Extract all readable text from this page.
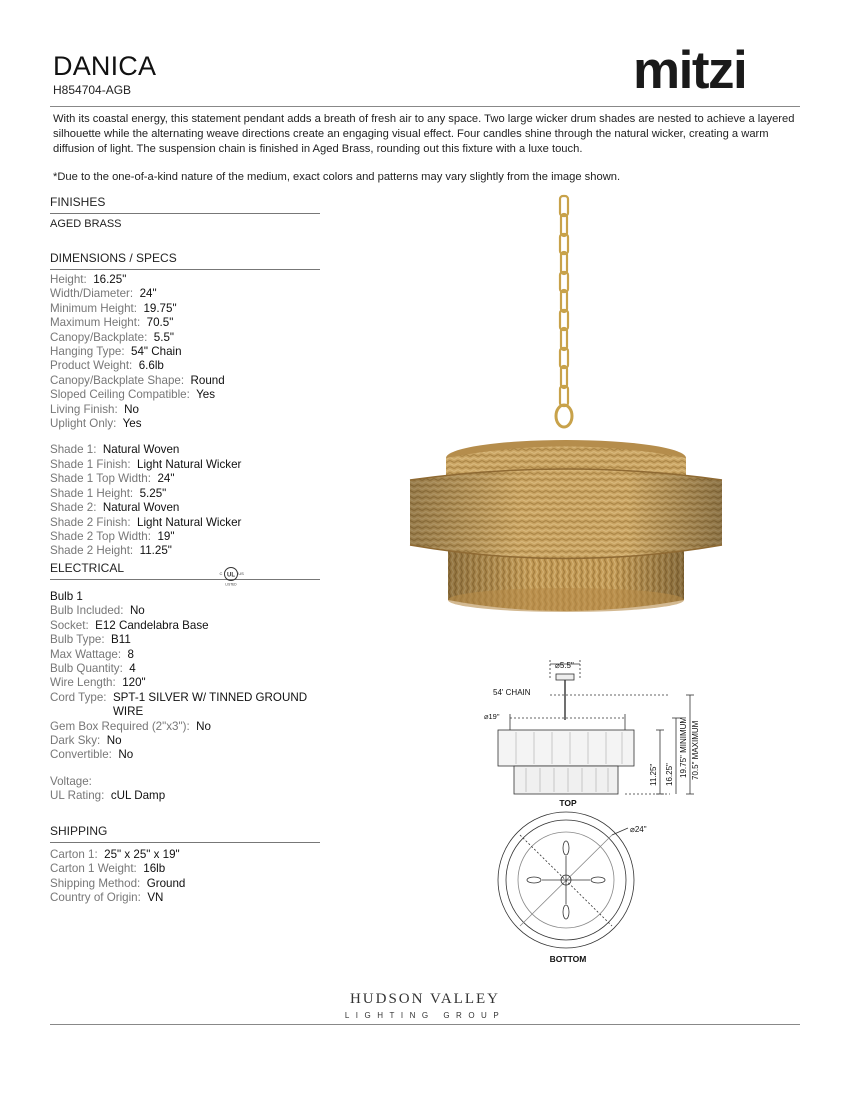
DANICA
H854704-AGB	mitzi
With its coastal energy, this statement pendant adds a breath of fresh air to any space. Two large wicker drum shades are nested to achieve a layered silhouette while the alternating weave directions create an engaging visual effect. Four candles shine through the natural wicker, creating a warm diffusion of light. The suspension chain is finished in Aged Brass, rounding out this fixture with a luxe touch.
*Due to the one-of-a-kind nature of the medium, exact colors and patterns may vary slightly from the image shown.
FINISHES
AGED BRASS
DIMENSIONS / SPECS
Height: 16.25"
Width/Diameter: 24"
Minimum Height: 19.75"
Maximum Height: 70.5"
Canopy/Backplate: 5.5"
Hanging Type: 54" Chain
Product Weight: 6.6lb
Canopy/Backplate Shape: Round
Sloped Ceiling Compatible: Yes
Living Finish: No
Uplight Only: Yes
Shade 1: Natural Woven
Shade 1 Finish: Light Natural Wicker
Shade 1 Top Width: 24"
Shade 1 Height: 5.25"
Shade 2: Natural Woven
Shade 2 Finish: Light Natural Wicker
Shade 2 Top Width: 19"
Shade 2 Height: 11.25"
ELECTRICAL
UL
C	US
LISTED
Bulb 1
Bulb Included: No
Socket: E12 Candelabra Base
Bulb Type: B11
Max Wattage: 8
Bulb Quantity: 4
Wire Length: 120"
Cord Type: SPT-1 SILVER W/ TINNED GROUND WIRE
Gem Box Required (2"x3"): No
Dark Sky: No
Convertible: No
Voltage:
UL Rating: cUL Damp
SHIPPING
Carton 1: 25" x 25" x 19"
Carton 1 Weight: 16lb
Shipping Method: Ground
Country of Origin: VN
⌀5.5"
54' CHAIN
⌀19"
11.25" 16.25" 19.75" MINIMUM 70.5" MAXIMUM
TOP
⌀24"
BOTTOM
HUDSON VALLEY
LIGHTING GROUP
